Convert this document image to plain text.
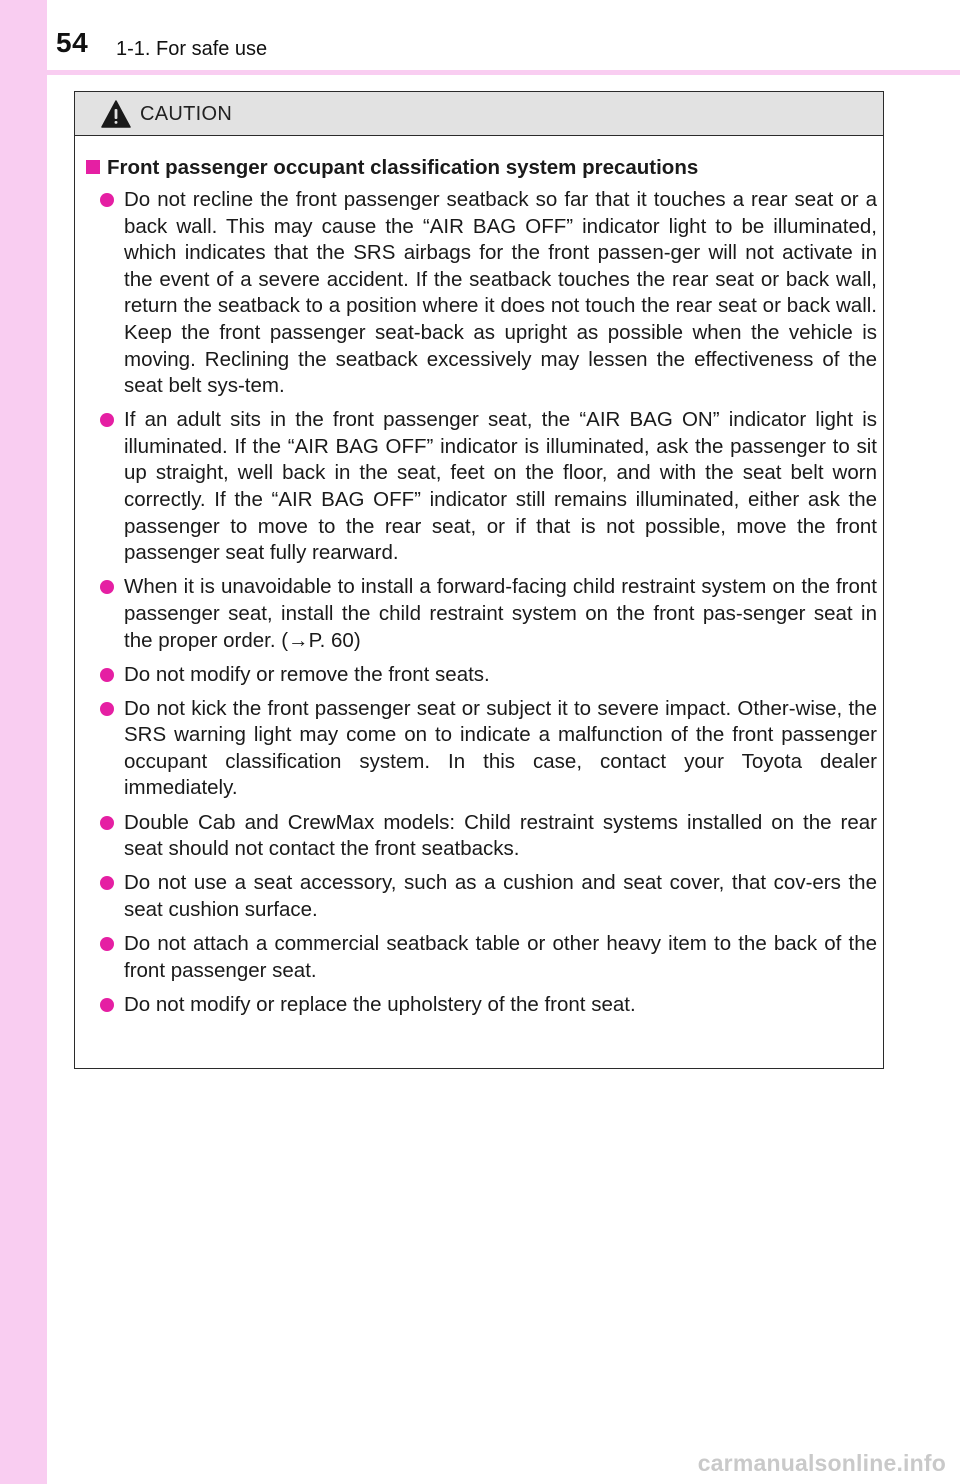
54 1-1. For safe use
CAUTION
Front passenger occupant classification system precautions
Do not recline the front passenger seatback so far that it touches a rear seat or a back wall. This may cause the “AIR BAG OFF” indicator light to be illuminated, which indicates that the SRS airbags for the front passen-ger will not activate in the event of a severe accident. If the seatback touches the rear seat or back wall, return the seatback to a position where it does not touch the rear seat or back wall. Keep the front passenger seat-back as upright as possible when the vehicle is moving. Reclining the seatback excessively may lessen the effectiveness of the seat belt sys-tem.
If an adult sits in the front passenger seat, the “AIR BAG ON” indicator light is illuminated. If the “AIR BAG OFF” indicator is illuminated, ask the passenger to sit up straight, well back in the seat, feet on the floor, and with the seat belt worn correctly. If the “AIR BAG OFF” indicator still remains illuminated, either ask the passenger to move to the rear seat, or if that is not possible, move the front passenger seat fully rearward.
When it is unavoidable to install a forward-facing child restraint system on the front passenger seat, install the child restraint system on the front pas-senger seat in the proper order. (→P. 60)
Do not modify or remove the front seats.
Do not kick the front passenger seat or subject it to severe impact. Other-wise, the SRS warning light may come on to indicate a malfunction of the front passenger occupant classification system. In this case, contact your Toyota dealer immediately.
Double Cab and CrewMax models: Child restraint systems installed on the rear seat should not contact the front seatbacks.
Do not use a seat accessory, such as a cushion and seat cover, that cov-ers the seat cushion surface.
Do not attach a commercial seatback table or other heavy item to the back of the front passenger seat.
Do not modify or replace the upholstery of the front seat.
carmanualsonline.info
